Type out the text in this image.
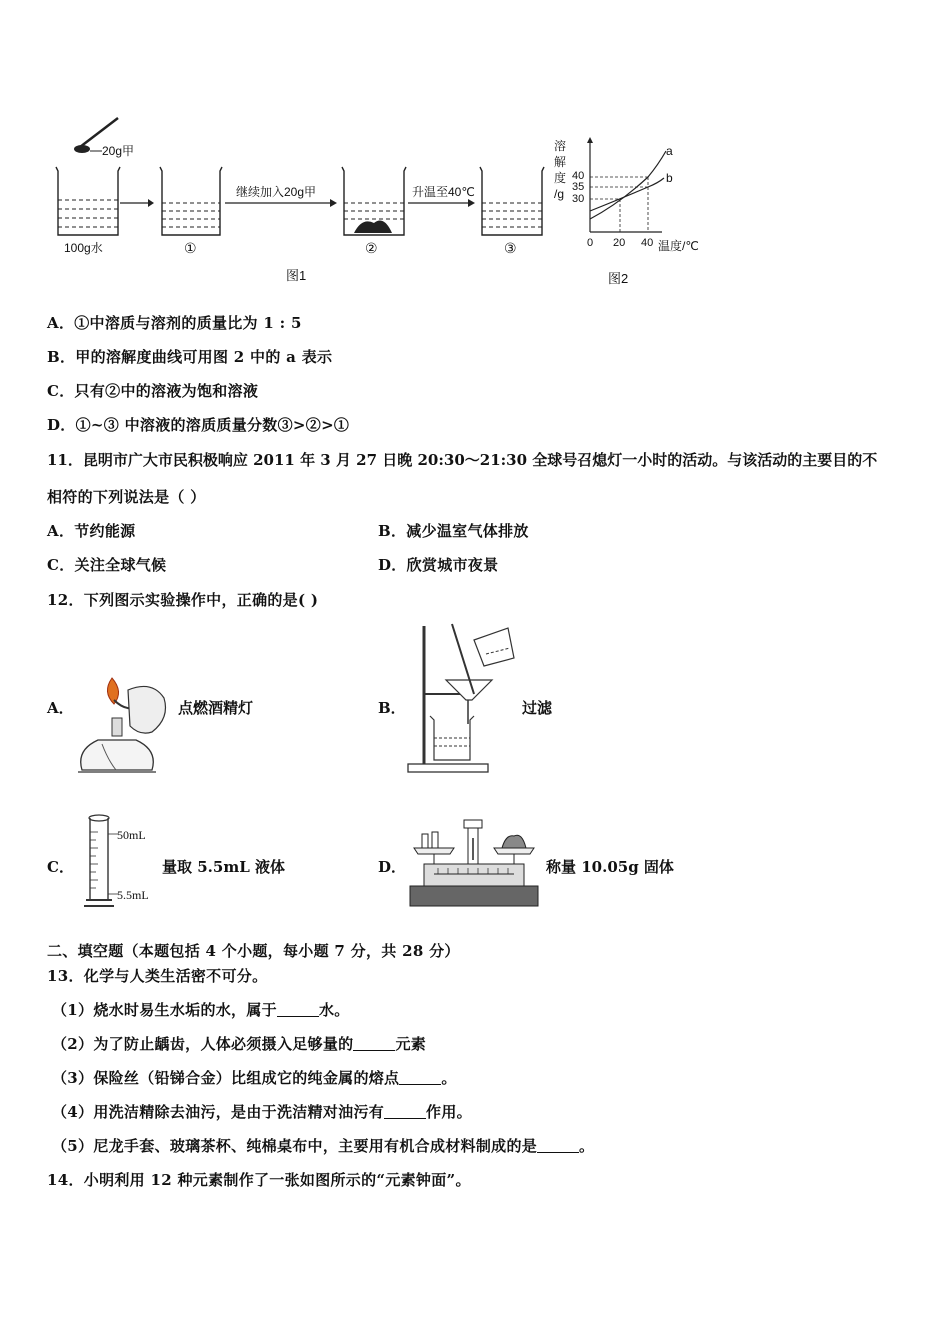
20g甲
100g水
继续加入20g甲	升温至40℃
①	②	③
图1
溶
解
度
/g
40
35
30
0 20 40 温度/℃
a
b
图2
A．①中溶质与溶剂的质量比为 1 : 5
B．甲的溶解度曲线可用图 2 中的 a 表示
C．只有②中的溶液为饱和溶液
D．①~③ 中溶液的溶质质量分数③>②>①
11．昆明市广大市民积极响应 2011 年 3 月 27 日晚 20:30～21:30 全球号召熄灯一小时的活动。与该活动的主要目的不
相符的下列说法是（ ）
A．节约能源	B．减少温室气体排放
C．关注全球气候	D．欣赏城市夜景
12．下列图示实验操作中，正确的是( )
A．	点燃酒精灯	B．	过滤
C．
50mL
5.5mL
量取 5.5mL 液体	D．	称量 10.05g 固体
二、填空题（本题包括 4 个小题，每小题 7 分，共 28 分）
13．化学与人类生活密不可分。
（1）烧水时易生水垢的水，属于	水。
（2）为了防止龋齿，人体必须摄入足够量的	元素
（3）保险丝（铅锑合金）比组成它的纯金属的熔点	。
（4）用洗洁精除去油污，是由于洗洁精对油污有	作用。
（5）尼龙手套、玻璃茶杯、纯棉桌布中，主要用有机合成材料制成的是	。
14．小明利用 12 种元素制作了一张如图所示的“元素钟面”。
